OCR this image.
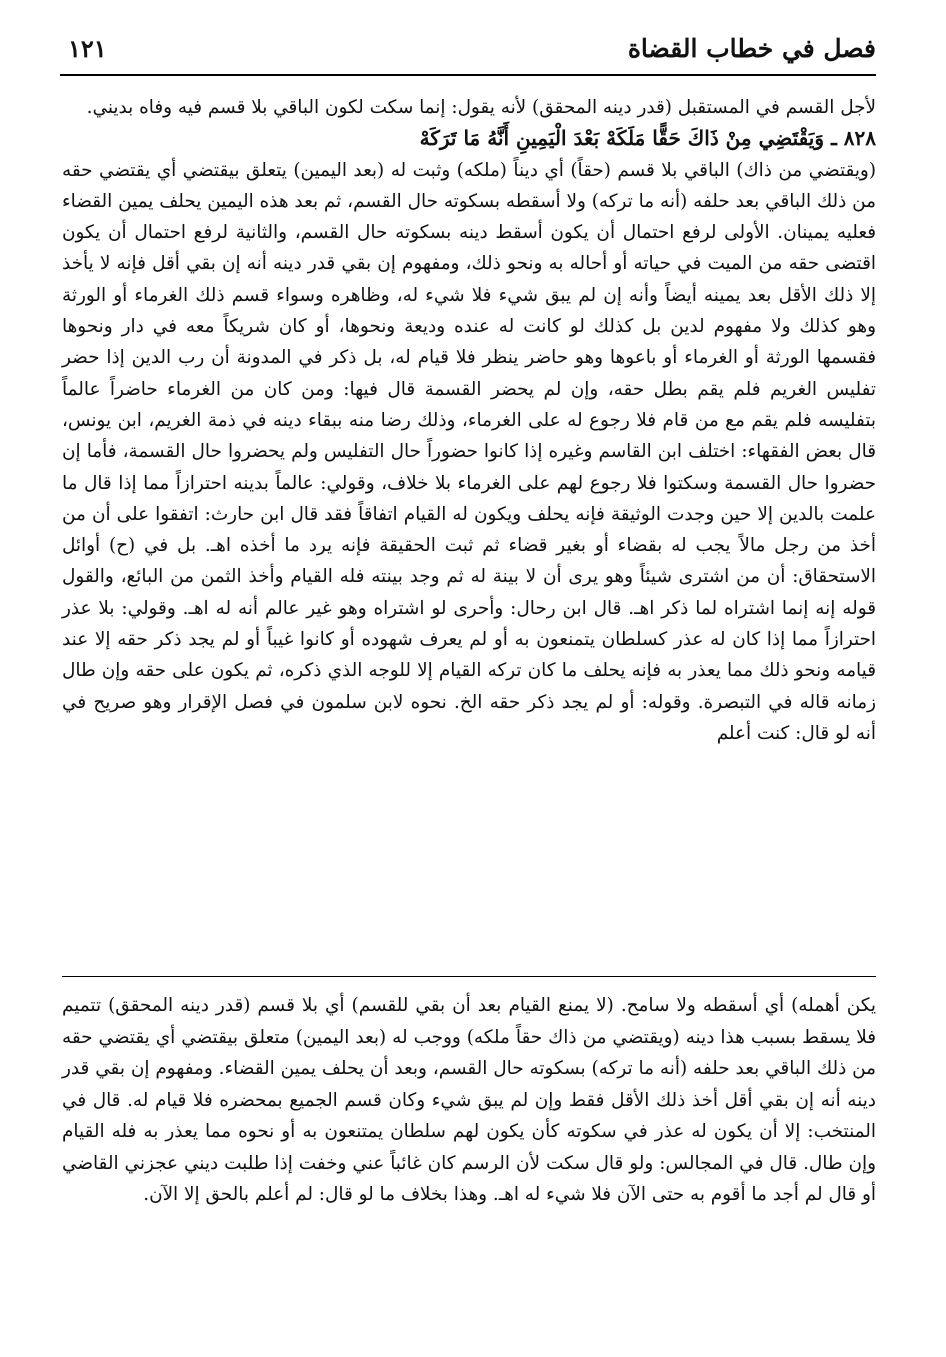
فصل في خطاب القضاة
١٢١

لأجل القسم في المستقبل (قدر دينه المحقق) لأنه يقول: إنما سكت لكون الباقي بلا قسم فيه وفاه بديني.

٨٢٨ ـ وَيَقْتَضِي مِنْ ذَاكَ حَقًّا مَلَكَهْ بَعْدَ الْيَمِينِ أَنَّهُ مَا تَرَكَهْ

(ويقتضي من ذاك) الباقي بلا قسم (حقاً) أي ديناً (ملكه) وثبت له (بعد اليمين) يتعلق بيقتضي أي يقتضي حقه من ذلك الباقي بعد حلفه (أنه ما تركه) ولا أسقطه بسكوته حال القسم، ثم بعد هذه اليمين يحلف يمين القضاء فعليه يمينان. الأولى لرفع احتمال أن يكون أسقط دينه بسكوته حال القسم، والثانية لرفع احتمال أن يكون اقتضى حقه من الميت في حياته أو أحاله به ونحو ذلك، ومفهوم إن بقي قدر دينه أنه إن بقي أقل فإنه لا يأخذ إلا ذلك الأقل بعد يمينه أيضاً وأنه إن لم يبق شيء فلا شيء له، وظاهره وسواء قسم ذلك الغرماء أو الورثة وهو كذلك ولا مفهوم لدين بل كذلك لو كانت له عنده وديعة ونحوها، أو كان شريكاً معه في دار ونحوها فقسمها الورثة أو الغرماء أو باعوها وهو حاضر ينظر فلا قيام له، بل ذكر في المدونة أن رب الدين إذا حضر تفليس الغريم فلم يقم بطل حقه، وإن لم يحضر القسمة قال فيها: ومن كان من الغرماء حاضراً عالماً بتفليسه فلم يقم مع من قام فلا رجوع له على الغرماء، وذلك رضا منه ببقاء دينه في ذمة الغريم، ابن يونس، قال بعض الفقهاء: اختلف ابن القاسم وغيره إذا كانوا حضوراً حال التفليس ولم يحضروا حال القسمة، فأما إن حضروا حال القسمة وسكتوا فلا رجوع لهم على الغرماء بلا خلاف، وقولي: عالماً بدينه احترازاً مما إذا قال ما علمت بالدين إلا حين وجدت الوثيقة فإنه يحلف ويكون له القيام اتفاقاً فقد قال ابن حارث: اتفقوا على أن من أخذ من رجل مالاً يجب له بقضاء أو بغير قضاء ثم ثبت الحقيقة فإنه يرد ما أخذه اهـ. بل في (ح) أوائل الاستحقاق: أن من اشترى شيئاً وهو يرى أن لا بينة له ثم وجد بينته فله القيام وأخذ الثمن من البائع، والقول قوله إنه إنما اشتراه لما ذكر اهـ. قال ابن رحال: وأحرى لو اشتراه وهو غير عالم أنه له اهـ. وقولي: بلا عذر احترازاً مما إذا كان له عذر كسلطان يتمنعون به أو لم يعرف شهوده أو كانوا غيباً أو لم يجد ذكر حقه إلا عند قيامه ونحو ذلك مما يعذر به فإنه يحلف ما كان تركه القيام إلا للوجه الذي ذكره، ثم يكون على حقه وإن طال زمانه قاله في التبصرة. وقوله: أو لم يجد ذكر حقه الخ. نحوه لابن سلمون في فصل الإقرار وهو صريح في أنه لو قال: كنت أعلم

يكن أهمله) أي أسقطه ولا سامح. (لا يمنع القيام بعد أن بقي للقسم) أي بلا قسم (قدر دينه المحقق) تتميم فلا يسقط بسبب هذا دينه (ويقتضي من ذاك حقاً ملكه) ووجب له (بعد اليمين) متعلق بيقتضي أي يقتضي حقه من ذلك الباقي بعد حلفه (أنه ما تركه) بسكوته حال القسم، وبعد أن يحلف يمين القضاء. ومفهوم إن بقي قدر دينه أنه إن بقي أقل أخذ ذلك الأقل فقط وإن لم يبق شيء وكان قسم الجميع بمحضره فلا قيام له. قال في المنتخب: إلا أن يكون له عذر في سكوته كأن يكون لهم سلطان يمتنعون به أو نحوه مما يعذر به فله القيام وإن طال. قال في المجالس: ولو قال سكت لأن الرسم كان غائباً عني وخفت إذا طلبت ديني عجزني القاضي أو قال لم أجد ما أقوم به حتى الآن فلا شيء له اهـ. وهذا بخلاف ما لو قال: لم أعلم بالحق إلا الآن.
